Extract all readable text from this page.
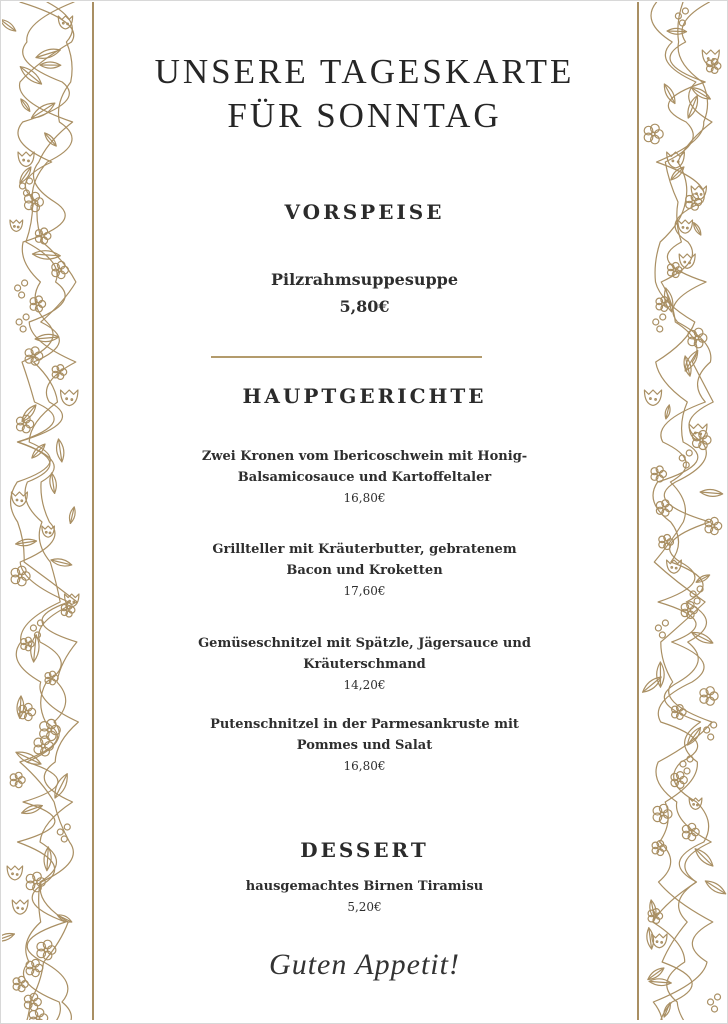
UNSERE TAGESKARTE
FÜR SONNTAG
VORSPEISE
Pilzrahmsuppesuppe
5,80€
HAUPTGERICHTE
Zwei Kronen vom Ibericoschwein mit Honig-
Balsamicosauce und Kartoffeltaler
16,80€
Grillteller mit Kräuterbutter, gebratenem
Bacon und Kroketten
17,60€
Gemüseschnitzel mit Spätzle, Jägersauce und
Kräuterschmand
14,20€
Putenschnitzel in der Parmesankruste mit
Pommes und Salat
16,80€
DESSERT
hausgemachtes Birnen Tiramisu
5,20€
Guten Appetit!
